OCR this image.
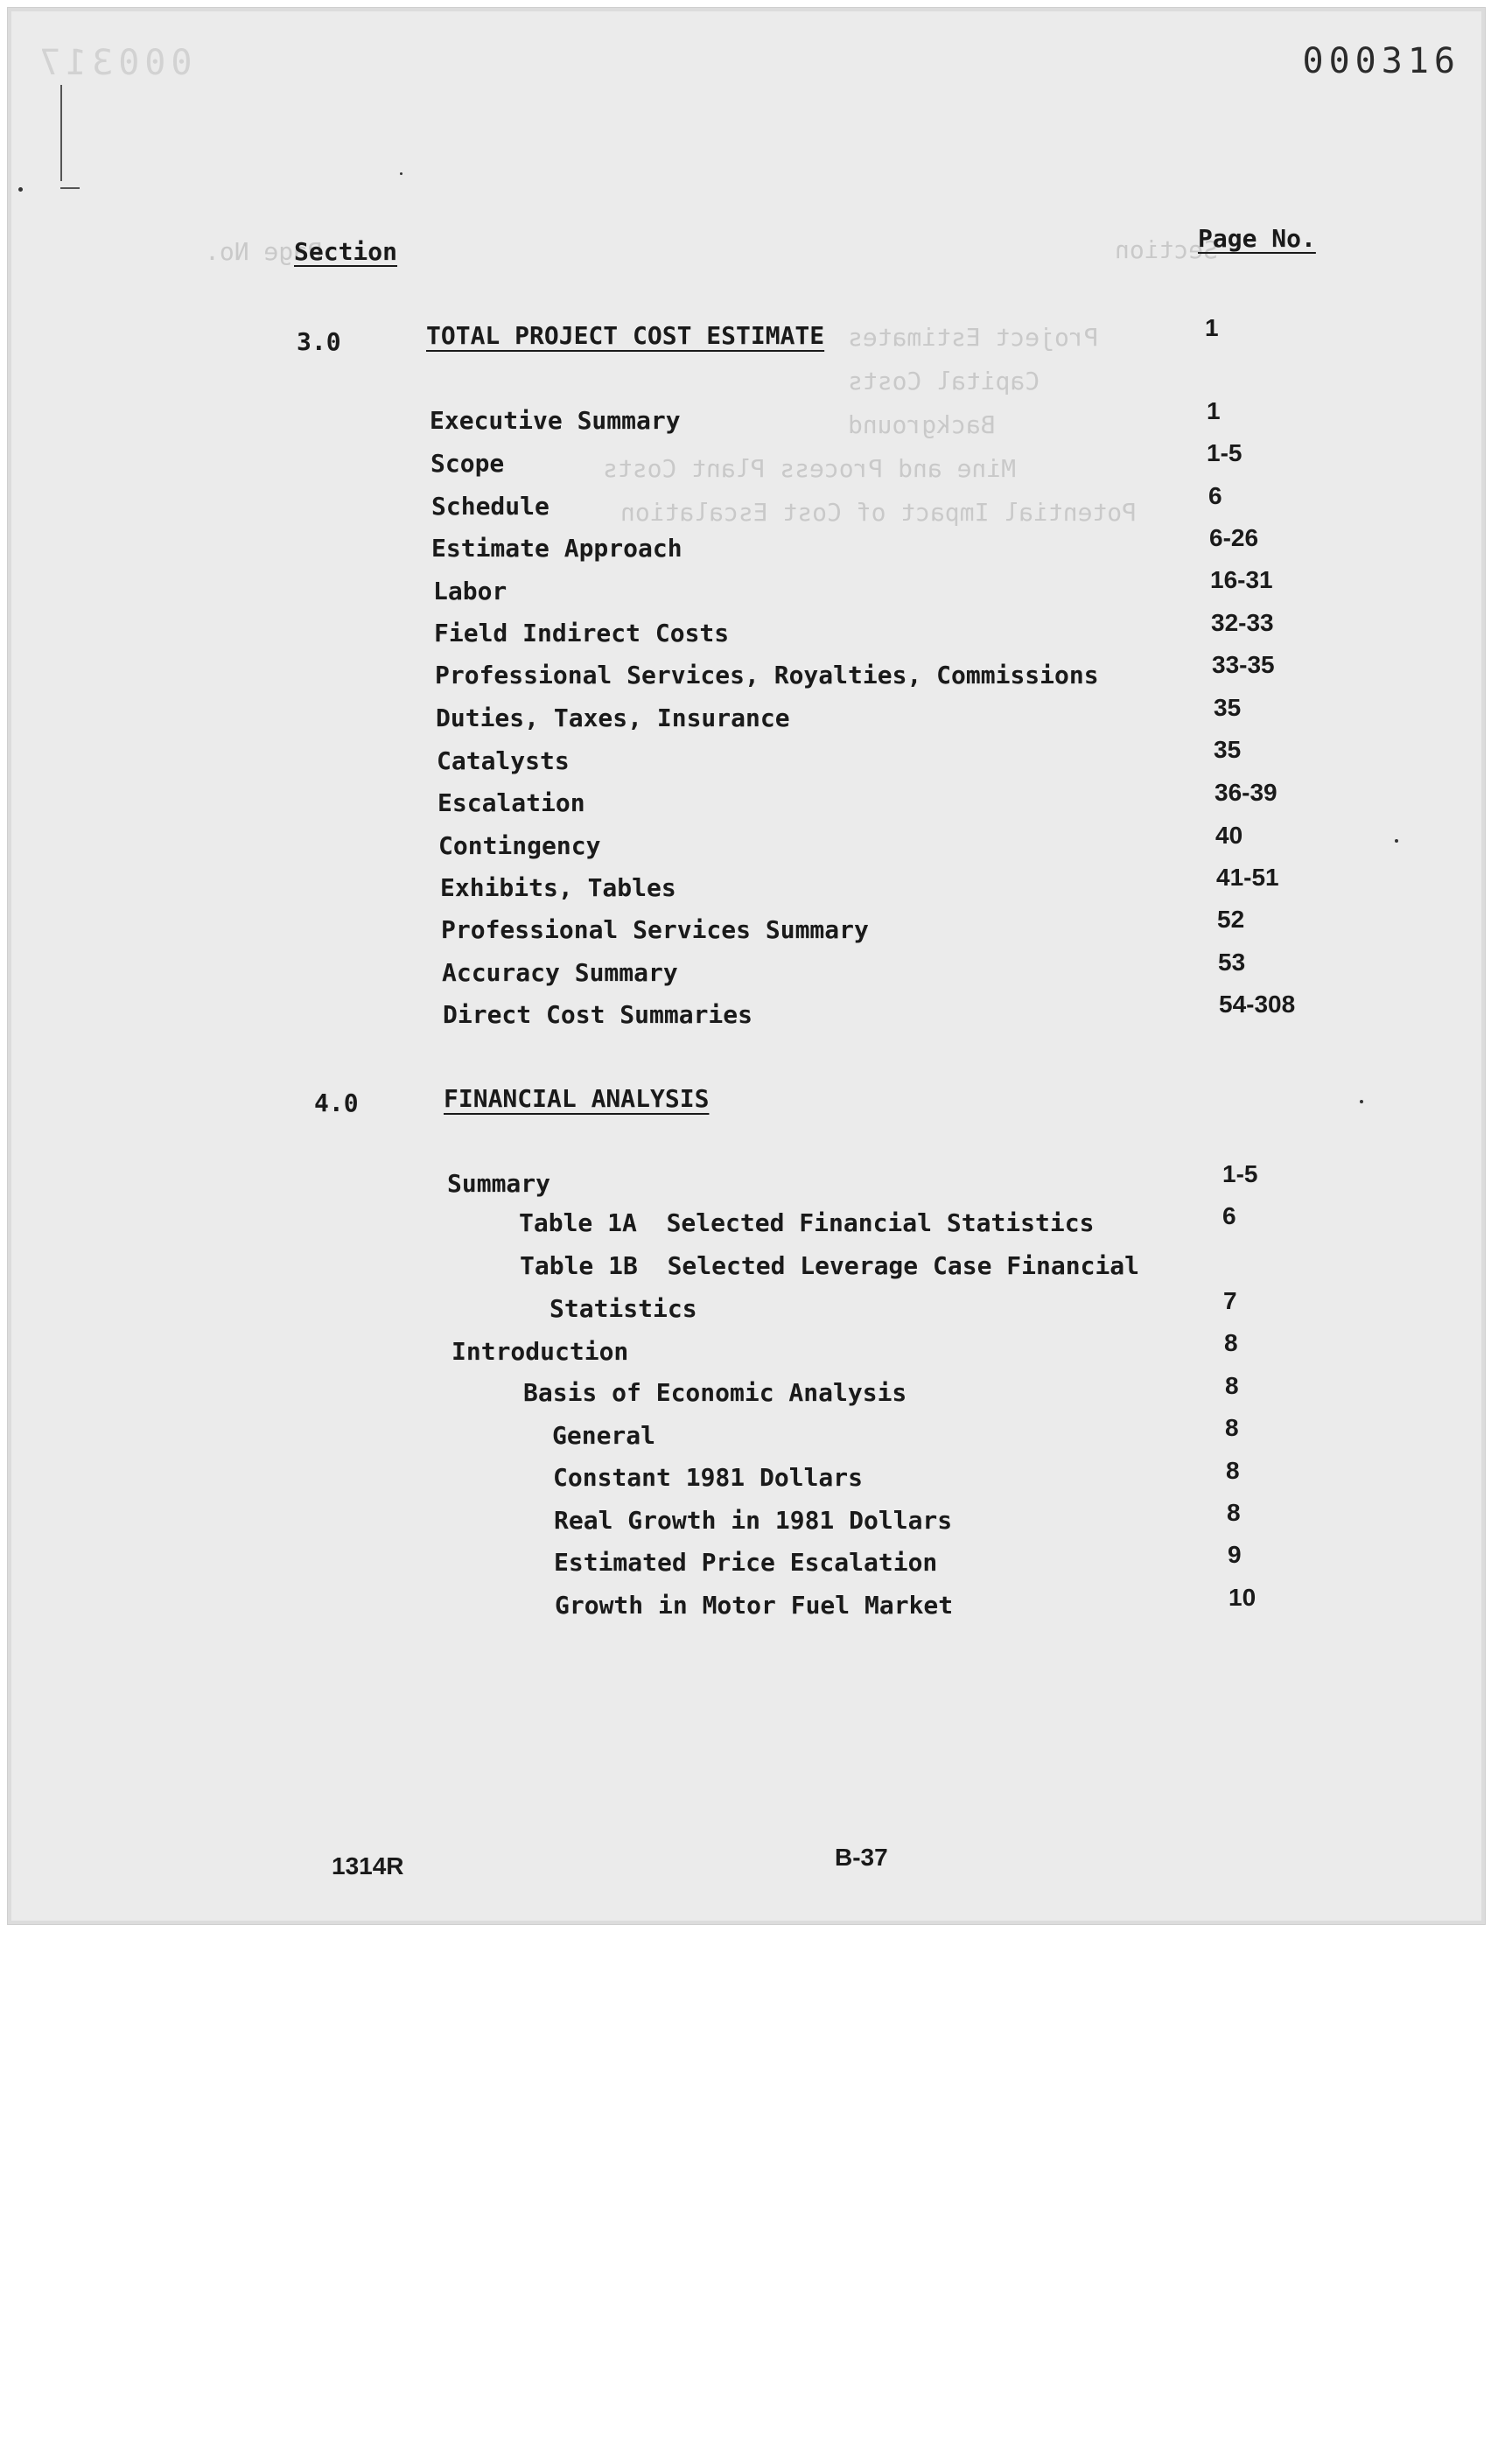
000317
Section
Page No.
Project Estimates
Capital Costs
Background
Mine and Process Plant Costs
Potential Impact of Cost Escalation
000316
Section	Page No.
3.0	TOTAL PROJECT COST ESTIMATE	1
Executive Summary	1
Scope	1-5
Schedule	6
Estimate Approach	6-26
Labor	16-31
Field Indirect Costs	32-33
Professional Services, Royalties, Commissions	33-35
Duties, Taxes, Insurance	35
Catalysts	35
Escalation	36-39
Contingency	40
Exhibits, Tables	41-51
Professional Services Summary	52
Accuracy Summary	53
Direct Cost Summaries	54-308
4.0	FINANCIAL ANALYSIS
Summary	1-5
Table 1A  Selected Financial Statistics	6
Table 1B  Selected Leverage Case Financial
Statistics	7
Introduction	8
Basis of Economic Analysis	8
General	8
Constant 1981 Dollars	8
Real Growth in 1981 Dollars	8
Estimated Price Escalation	9
Growth in Motor Fuel Market	10
1314R	B-37
